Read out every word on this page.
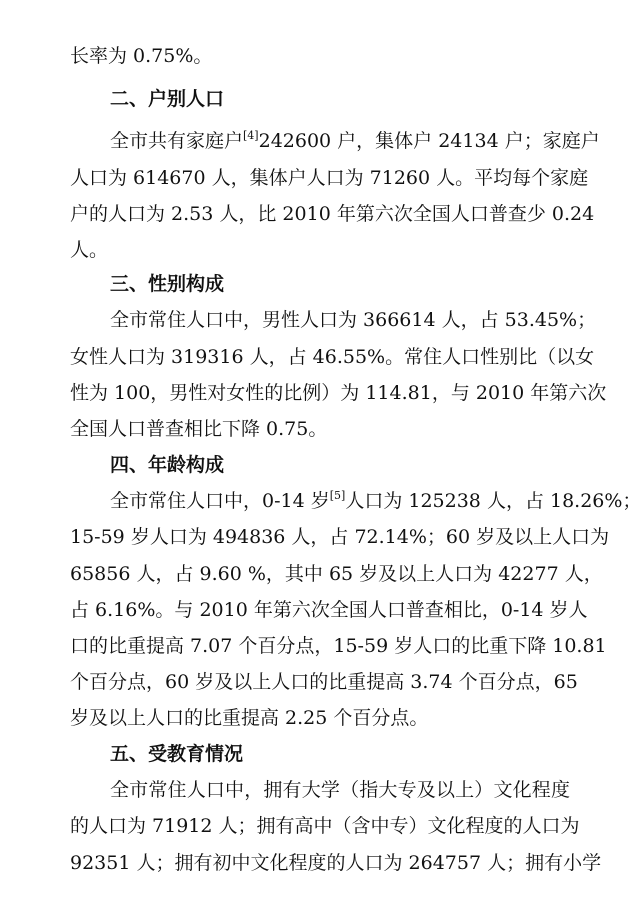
长率为 0.75%。
二、户别人口
全市共有家庭户[4]242600 户，集体户 24134 户；家庭户
人口为 614670 人，集体户人口为 71260 人。平均每个家庭
户的人口为 2.53 人，比 2010 年第六次全国人口普查少 0.24
人。
三、性别构成
全市常住人口中，男性人口为 366614 人，占 53.45%；
女性人口为 319316 人，占 46.55%。常住人口性别比（以女
性为 100，男性对女性的比例）为 114.81，与 2010 年第六次
全国人口普查相比下降 0.75。
四、年龄构成
全市常住人口中，0-14 岁[5]人口为 125238 人，占 18.26%；
15-59 岁人口为 494836 人，占 72.14%；60 岁及以上人口为
65856 人，占 9.60 %，其中 65 岁及以上人口为 42277 人，
占 6.16%。与 2010 年第六次全国人口普查相比，0-14 岁人
口的比重提高 7.07 个百分点，15-59 岁人口的比重下降 10.81
个百分点，60 岁及以上人口的比重提高 3.74 个百分点，65
岁及以上人口的比重提高 2.25 个百分点。
五、受教育情况
全市常住人口中，拥有大学（指大专及以上）文化程度
的人口为 71912 人；拥有高中（含中专）文化程度的人口为
92351 人；拥有初中文化程度的人口为 264757 人；拥有小学
